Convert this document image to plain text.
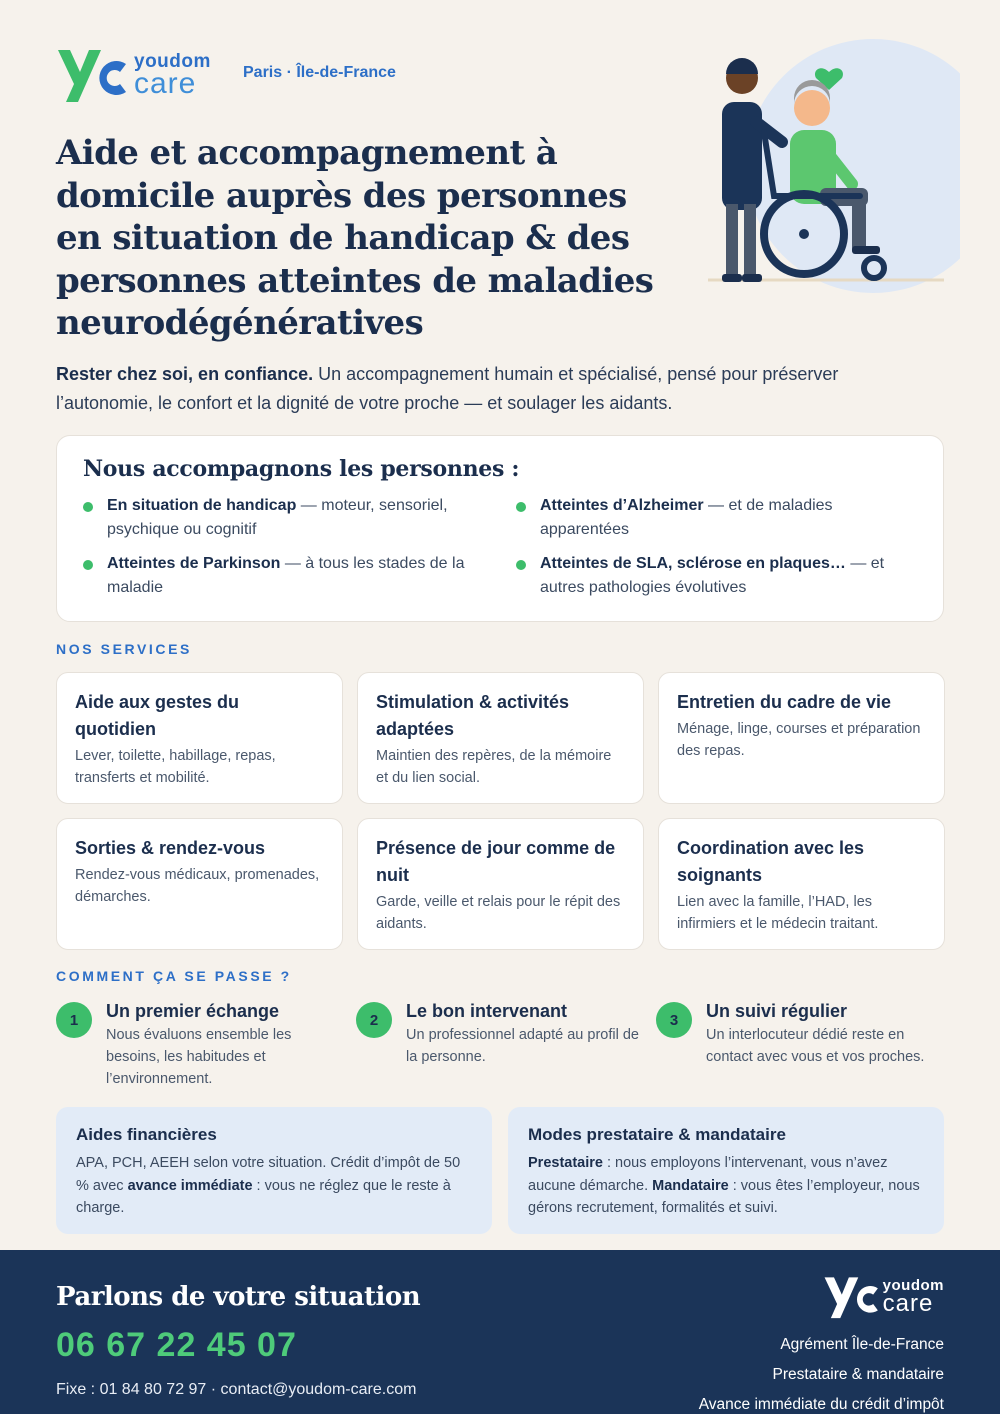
youdom
care	Paris · Île-de-France
Aide et accompagnement à domicile auprès des personnes en situation de handicap & des personnes atteintes de maladies neurodégénératives

Rester chez soi, en confiance. Un accompagnement humain et spécialisé, pensé pour préserver l’autonomie, le confort et la dignité de votre proche — et soulager les aidants.

Nous accompagnons les personnes :
En situation de handicap — moteur, sensoriel, psychique ou cognitif
Atteintes d’Alzheimer — et de maladies apparentées
Atteintes de Parkinson — à tous les stades de la maladie
Atteintes de SLA, sclérose en plaques… — et autres pathologies évolutives
NOS SERVICES
Aide aux gestes du quotidien

Lever, toilette, habillage, repas, transferts et mobilité.

Stimulation & activités adaptées

Maintien des repères, de la mémoire et du lien social.

Entretien du cadre de vie

Ménage, linge, courses et préparation des repas.

Sorties & rendez-vous

Rendez-vous médicaux, promenades, démarches.

Présence de jour comme de nuit

Garde, veille et relais pour le répit des aidants.

Coordination avec les soignants

Lien avec la famille, l’HAD, les infirmiers et le médecin traitant.

COMMENT ÇA SE PASSE ?
1	Un premier échange

Nous évaluons ensemble les besoins, les habitudes et l’environnement.

2	Le bon intervenant

Un professionnel adapté au profil de la personne.

3	Un suivi régulier

Un interlocuteur dédié reste en contact avec vous et vos proches.

Aides financières

APA, PCH, AEEH selon votre situation. Crédit d’impôt de 50 % avec avance immédiate : vous ne réglez que le reste à charge.

Modes prestataire & mandataire

Prestataire : nous employons l’intervenant, vous n’avez aucune démarche. Mandataire : vous êtes l’employeur, nous gérons recrutement, formalités et suivi.

Parlons de votre situation
06 67 22 45 07
Fixe : 01 84 80 72 97 · contact@youdom-care.com
youdom
care
Agrément Île-de-France
Prestataire & mandataire
Avance immédiate du crédit d’impôt
